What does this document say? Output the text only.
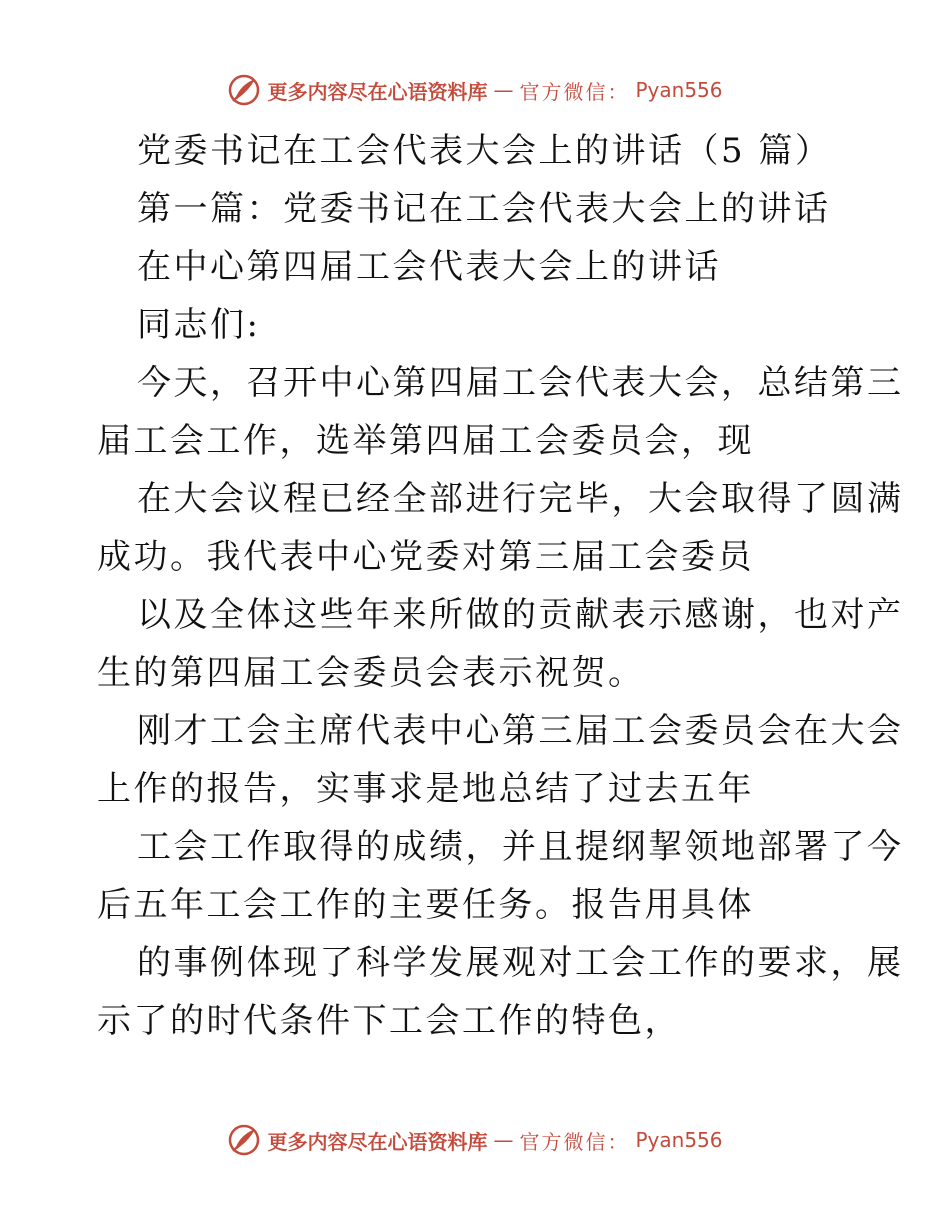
更多内容尽在心语资料库 — 官方微信： Pyan556
党委书记在工会代表大会上的讲话（5 篇）
第一篇：党委书记在工会代表大会上的讲话
在中心第四届工会代表大会上的讲话
同志们:
今天，召开中心第四届工会代表大会，总结第三
届工会工作，选举第四届工会委员会，现
在大会议程已经全部进行完毕，大会取得了圆满
成功。我代表中心党委对第三届工会委员
以及全体这些年来所做的贡献表示感谢，也对产
生的第四届工会委员会表示祝贺。
刚才工会主席代表中心第三届工会委员会在大会
上作的报告，实事求是地总结了过去五年
工会工作取得的成绩，并且提纲挈领地部署了今
后五年工会工作的主要任务。报告用具体
的事例体现了科学发展观对工会工作的要求，展
示了的时代条件下工会工作的特色，
更多内容尽在心语资料库 — 官方微信： Pyan556
